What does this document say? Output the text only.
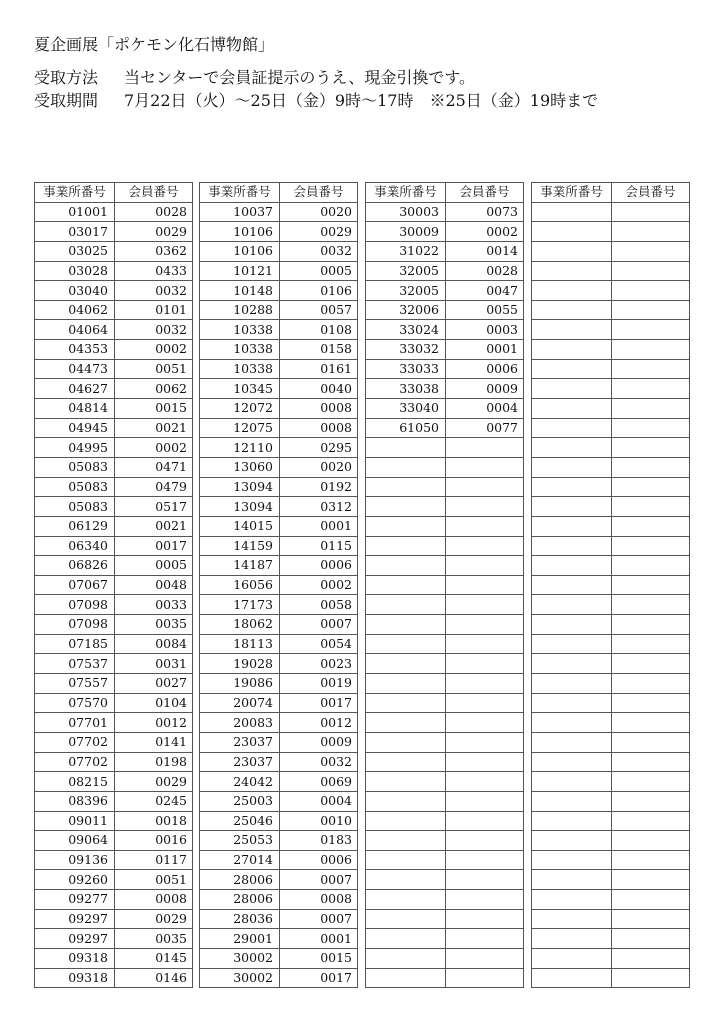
夏企画展「ポケモン化石博物館」
受取方法 当センターで会員証提示のうえ、現金引換です。
受取期間 7月22日（火）～25日（金）9時～17時　※25日（金）19時まで
事業所番号	会員番号
01001	0028
03017	0029
03025	0362
03028	0433
03040	0032
04062	0101
04064	0032
04353	0002
04473	0051
04627	0062
04814	0015
04945	0021
04995	0002
05083	0471
05083	0479
05083	0517
06129	0021
06340	0017
06826	0005
07067	0048
07098	0033
07098	0035
07185	0084
07537	0031
07557	0027
07570	0104
07701	0012
07702	0141
07702	0198
08215	0029
08396	0245
09011	0018
09064	0016
09136	0117
09260	0051
09277	0008
09297	0029
09297	0035
09318	0145
09318	0146
事業所番号	会員番号
10037	0020
10106	0029
10106	0032
10121	0005
10148	0106
10288	0057
10338	0108
10338	0158
10338	0161
10345	0040
12072	0008
12075	0008
12110	0295
13060	0020
13094	0192
13094	0312
14015	0001
14159	0115
14187	0006
16056	0002
17173	0058
18062	0007
18113	0054
19028	0023
19086	0019
20074	0017
20083	0012
23037	0009
23037	0032
24042	0069
25003	0004
25046	0010
25053	0183
27014	0006
28006	0007
28006	0008
28036	0007
29001	0001
30002	0015
30002	0017
事業所番号	会員番号
30003	0073
30009	0002
31022	0014
32005	0028
32005	0047
32006	0055
33024	0003
33032	0001
33033	0006
33038	0009
33040	0004
61050	0077

事業所番号	会員番号
